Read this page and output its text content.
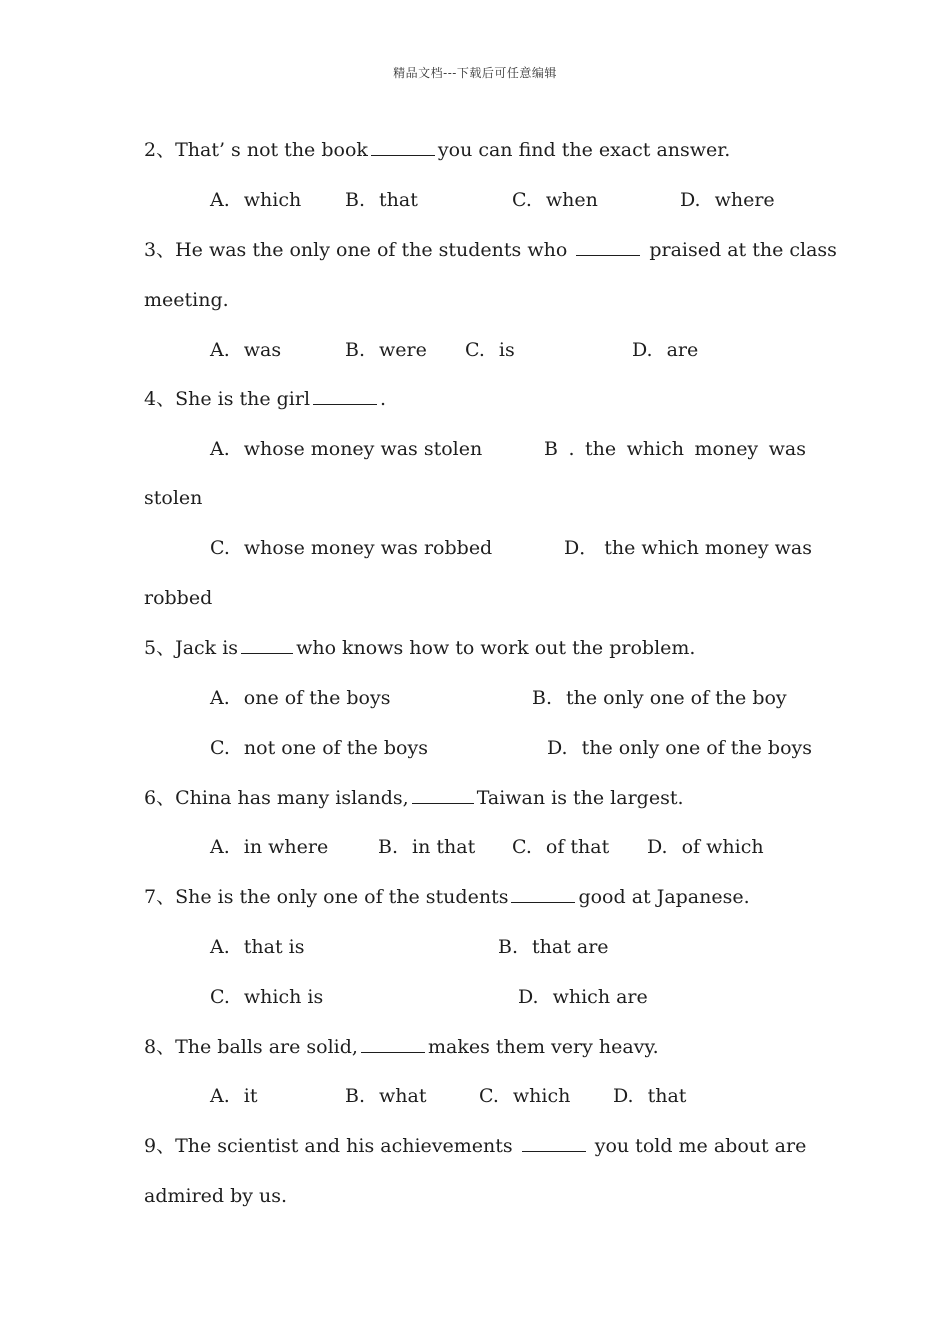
精品文档---下载后可任意编辑
2、That’ s not the book	you can find the exact answer.
A. which B. that	C. when	D. where
3、He was the only one of the students who	praised at the class
meeting.
A. was	B. were C. is	D. are
4、She is the girl	.
A. whose money was stolen	B . the which money was
stolen
C. whose money was robbed	D． the which money was
robbed
5、Jack is	who knows how to work out the problem.
A. one of the boys	B. the only one of the boy
C. not one of the boys	D. the only one of the boys
6、China has many islands,	Taiwan is the largest.
A. in where	B. in that C. of that D. of which
7、She is the only one of the students	good at Japanese.
A. that is	B. that are
C. which is	D. which are
8、The balls are solid,	makes them very heavy.
A. it	B. what	C. which D. that
9、The scientist and his achievements	you told me about are
admired by us.
